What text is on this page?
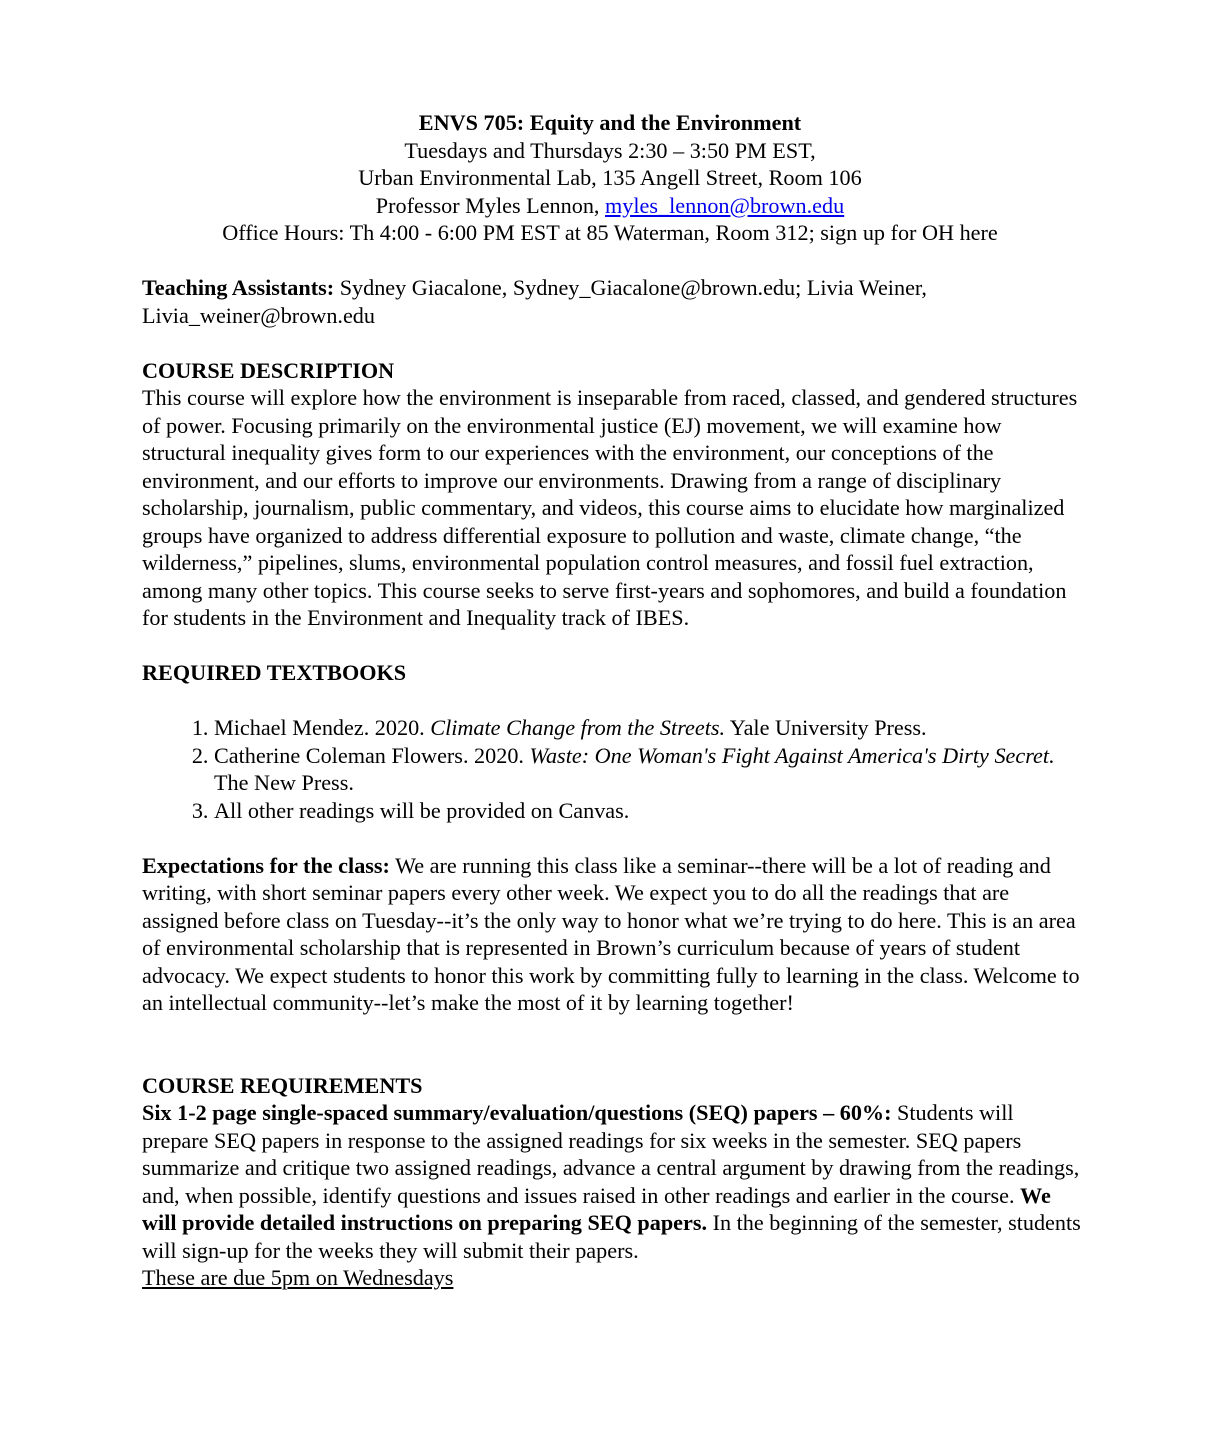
ENVS 705: Equity and the Environment
Tuesdays and Thursdays 2:30 – 3:50 PM EST,
Urban Environmental Lab, 135 Angell Street, Room 106
Professor Myles Lennon, myles_lennon@brown.edu
Office Hours: Th 4:00 - 6:00 PM EST at 85 Waterman, Room 312; sign up for OH here

Teaching Assistants: Sydney Giacalone, Sydney_Giacalone@brown.edu; Livia Weiner, Livia_weiner@brown.edu

COURSE DESCRIPTION

This course will explore how the environment is inseparable from raced, classed, and gendered structures of power. Focusing primarily on the environmental justice (EJ) movement, we will examine how structural inequality gives form to our experiences with the environment, our conceptions of the environment, and our efforts to improve our environments. Drawing from a range of disciplinary scholarship, journalism, public commentary, and videos, this course aims to elucidate how marginalized groups have organized to address differential exposure to pollution and waste, climate change, “the wilderness,” pipelines, slums, environmental population control measures, and fossil fuel extraction, among many other topics. This course seeks to serve first-years and sophomores, and build a foundation for students in the Environment and Inequality track of IBES.

REQUIRED TEXTBOOKS
1. Michael Mendez. 2020. Climate Change from the Streets. Yale University Press.
2. Catherine Coleman Flowers. 2020. Waste: One Woman's Fight Against America's Dirty Secret. The New Press.
3. All other readings will be provided on Canvas.

Expectations for the class: We are running this class like a seminar--there will be a lot of reading and writing, with short seminar papers every other week. We expect you to do all the readings that are assigned before class on Tuesday--it’s the only way to honor what we’re trying to do here. This is an area of environmental scholarship that is represented in Brown’s curriculum because of years of student advocacy. We expect students to honor this work by committing fully to learning in the class. Welcome to an intellectual community--let’s make the most of it by learning together!

COURSE REQUIREMENTS

Six 1-2 page single-spaced summary/evaluation/questions (SEQ) papers – 60%: Students will prepare SEQ papers in response to the assigned readings for six weeks in the semester. SEQ papers summarize and critique two assigned readings, advance a central argument by drawing from the readings, and, when possible, identify questions and issues raised in other readings and earlier in the course. We will provide detailed instructions on preparing SEQ papers. In the beginning of the semester, students will sign-up for the weeks they will submit their papers.

These are due 5pm on Wednesdays
